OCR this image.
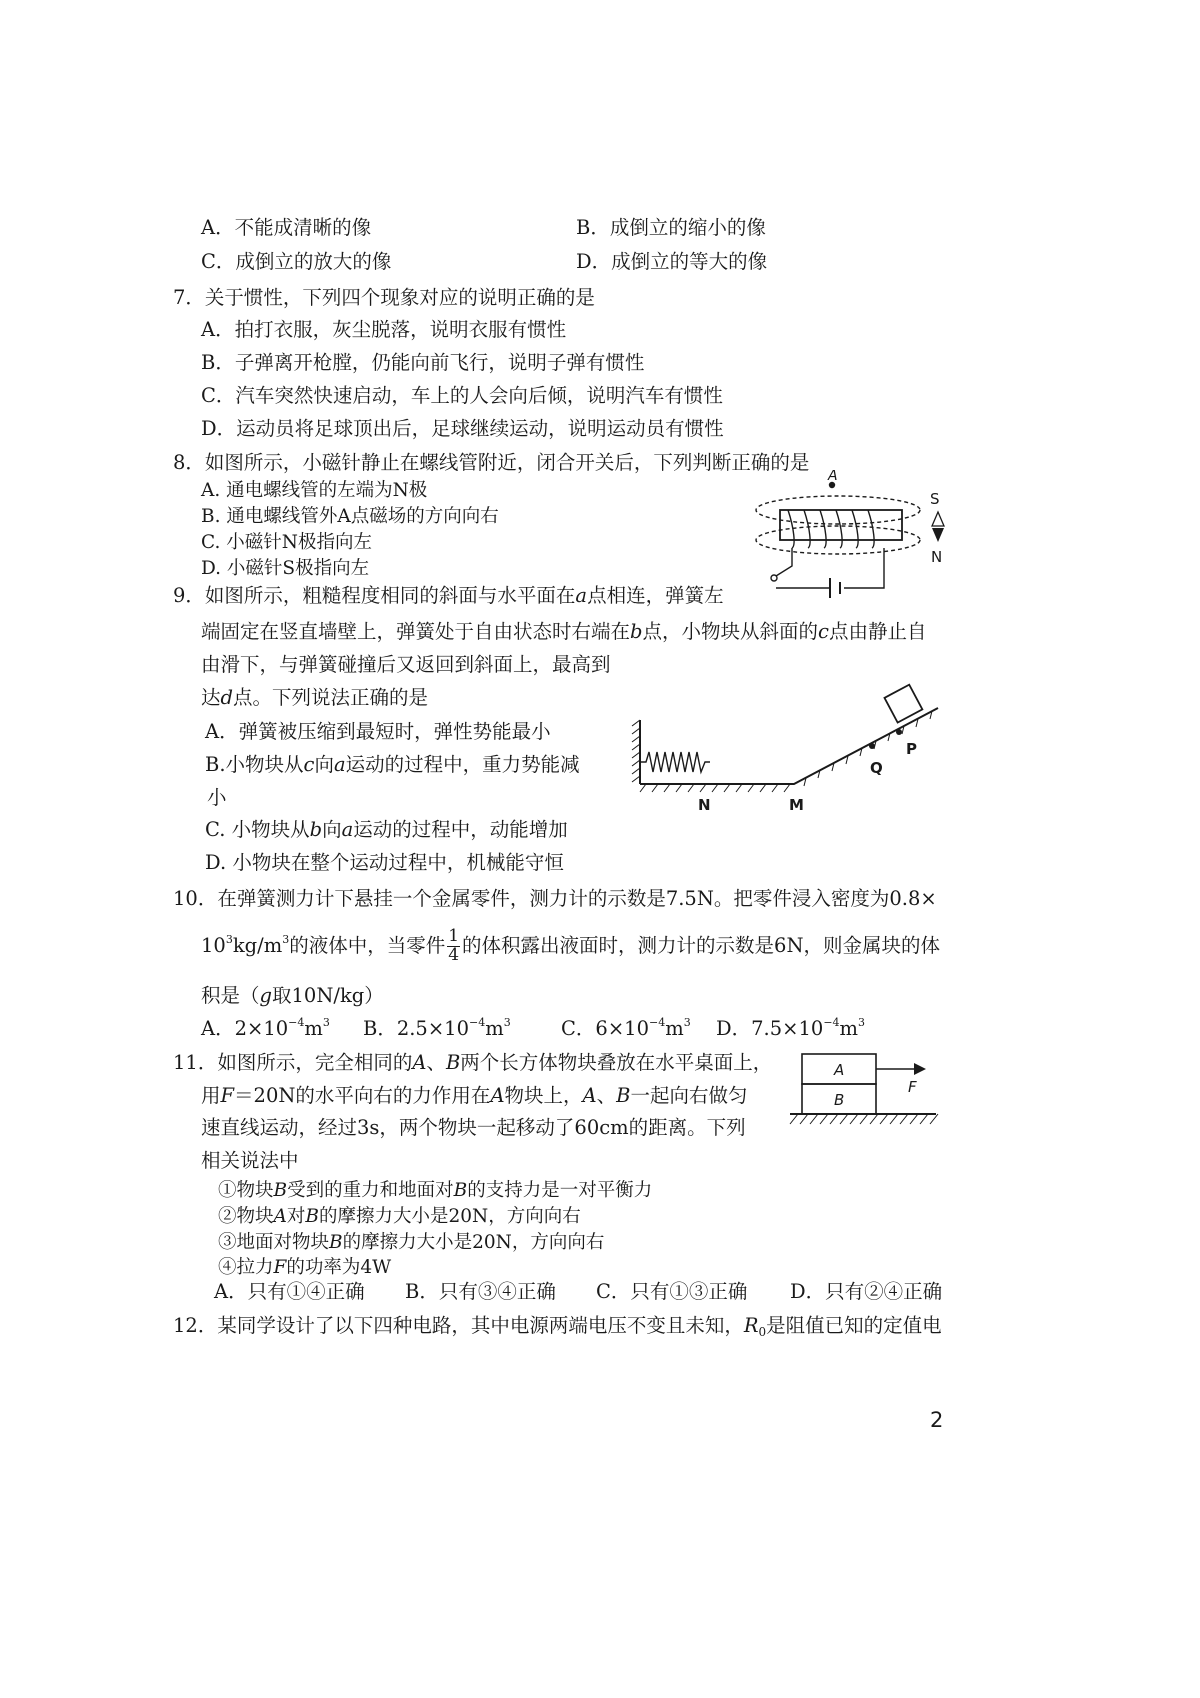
A．不能成清晰的像	B．成倒立的缩小的像
C．成倒立的放大的像	D．成倒立的等大的像
7．关于惯性，下列四个现象对应的说明正确的是
A．拍打衣服，灰尘脱落，说明衣服有惯性
B．子弹离开枪膛，仍能向前飞行，说明子弹有惯性
C．汽车突然快速启动，车上的人会向后倾，说明汽车有惯性
D．运动员将足球顶出后，足球继续运动，说明运动员有惯性
8．如图所示，小磁针静止在螺线管附近，闭合开关后，下列判断正确的是
A. 通电螺线管的左端为N极
B. 通电螺线管外A点磁场的方向向右
C. 小磁针N极指向左
D. 小磁针S极指向左
A
S
N
9．如图所示，粗糙程度相同的斜面与水平面在a点相连，弹簧左
端固定在竖直墙壁上，弹簧处于自由状态时右端在b点，小物块从斜面的c点由静止自
由滑下，与弹簧碰撞后又返回到斜面上，最高到
达d点。下列说法正确的是
A．弹簧被压缩到最短时，弹性势能最小
B.小物块从c向a运动的过程中，重力势能减
小
C. 小物块从b向a运动的过程中，动能增加
D. 小物块在整个运动过程中，机械能守恒
P
Q
N	M
10．在弹簧测力计下悬挂一个金属零件，测力计的示数是7.5N。把零件浸入密度为0.8×
$10^3kg/m^3$的液体中，当零件 $\frac{1}{4}$ 的体积露出液面时，测力计的示数是6N，则金属块的体
积是（g取10N/kg）
A．$2\times 10^{-4}m^3$ B．$2.5\times 10^{-4}m^3$	C．$6\times 10^{-4}m^3$ D．$7.5\times 10^{-4}m^3$
11．如图所示，完全相同的A、B两个长方体物块叠放在水平桌面上，
用F＝20N的水平向右的力作用在A物块上，A、B一起向右做匀
速直线运动，经过3s，两个物块一起移动了60cm的距离。下列
相关说法中
①物块B受到的重力和地面对B的支持力是一对平衡力
②物块A对B的摩擦力大小是20N，方向向右
③地面对物块B的摩擦力大小是20N，方向向右
④拉力F的功率为4W
A．只有①④正确 B．只有③④正确 C．只有①③正确 D．只有②④正确
A
B
F
12．某同学设计了以下四种电路，其中电源两端电压不变且未知，$R_0$是阻值已知的定值电
2
